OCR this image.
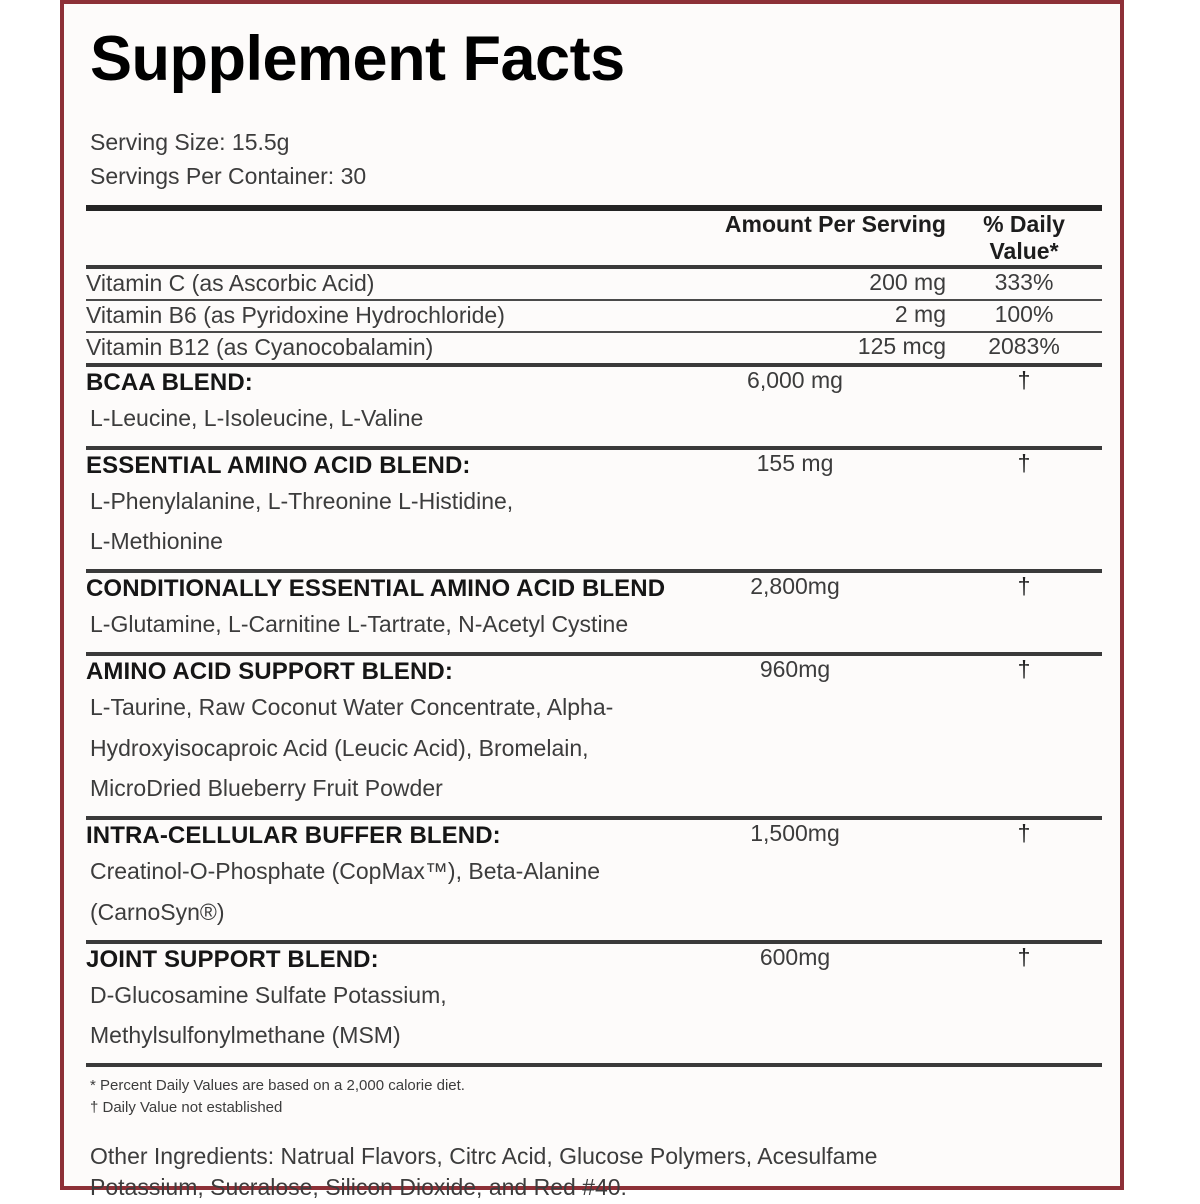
Supplement Facts
Serving Size: 15.5g
Servings Per Container: 30
	Amount Per Serving	% Daily Value*

Vitamin C (as Ascorbic Acid)	200 mg	333%

Vitamin B6 (as Pyridoxine Hydrochloride)	2 mg	100%

Vitamin B12 (as Cyanocobalamin)	125 mcg	2083%

BCAA BLEND:	6,000 mg	†

L-Leucine, L-Isoleucine, L-Valine		

ESSENTIAL AMINO ACID BLEND:	155 mg	†

L-Phenylalanine, L-Threonine L-Histidine,
L-Methionine		

CONDITIONALLY ESSENTIAL AMINO ACID BLEND	2,800mg	†

L-Glutamine, L-Carnitine L-Tartrate, N-Acetyl Cystine		

AMINO ACID SUPPORT BLEND:	960mg	†

L-Taurine, Raw Coconut Water Concentrate, Alpha-
Hydroxyisocaproic Acid (Leucic Acid), Bromelain,
MicroDried Blueberry Fruit Powder		

INTRA-CELLULAR BUFFER BLEND:	1,500mg	†

Creatinol-O-Phosphate (CopMax™), Beta-Alanine
(CarnoSyn®)		

JOINT SUPPORT BLEND:	600mg	†

D-Glucosamine Sulfate Potassium,
Methylsulfonylmethane (MSM)		
* Percent Daily Values are based on a 2,000 calorie diet.
† Daily Value not established
Other Ingredients: Natrual Flavors, Citrc Acid, Glucose Polymers, Acesulfame
Potassium, Sucralose, Silicon Dioxide, and Red #40.
